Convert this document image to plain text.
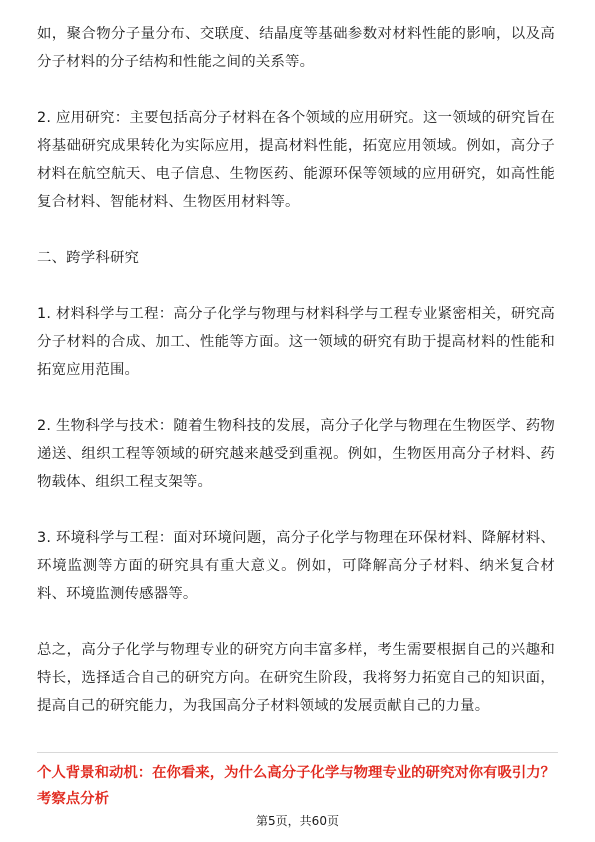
如，聚合物分子量分布、交联度、结晶度等基础参数对材料性能的影响，以及高分子材料的分子结构和性能之间的关系等。

2. 应用研究：主要包括高分子材料在各个领域的应用研究。这一领域的研究旨在将基础研究成果转化为实际应用，提高材料性能，拓宽应用领域。例如，高分子材料在航空航天、电子信息、生物医药、能源环保等领域的应用研究，如高性能复合材料、智能材料、生物医用材料等。

二、跨学科研究

1. 材料科学与工程：高分子化学与物理与材料科学与工程专业紧密相关，研究高分子材料的合成、加工、性能等方面。这一领域的研究有助于提高材料的性能和拓宽应用范围。

2. 生物科学与技术：随着生物科技的发展，高分子化学与物理在生物医学、药物递送、组织工程等领域的研究越来越受到重视。例如，生物医用高分子材料、药物载体、组织工程支架等。

3. 环境科学与工程：面对环境问题，高分子化学与物理在环保材料、降解材料、环境监测等方面的研究具有重大意义。例如，可降解高分子材料、纳米复合材料、环境监测传感器等。

总之，高分子化学与物理专业的研究方向丰富多样，考生需要根据自己的兴趣和特长，选择适合自己的研究方向。在研究生阶段，我将努力拓宽自己的知识面，提高自己的研究能力，为我国高分子材料领域的发展贡献自己的力量。

个人背景和动机：在你看来，为什么高分子化学与物理专业的研究对你有吸引力？
考察点分析
第5页，共60页
